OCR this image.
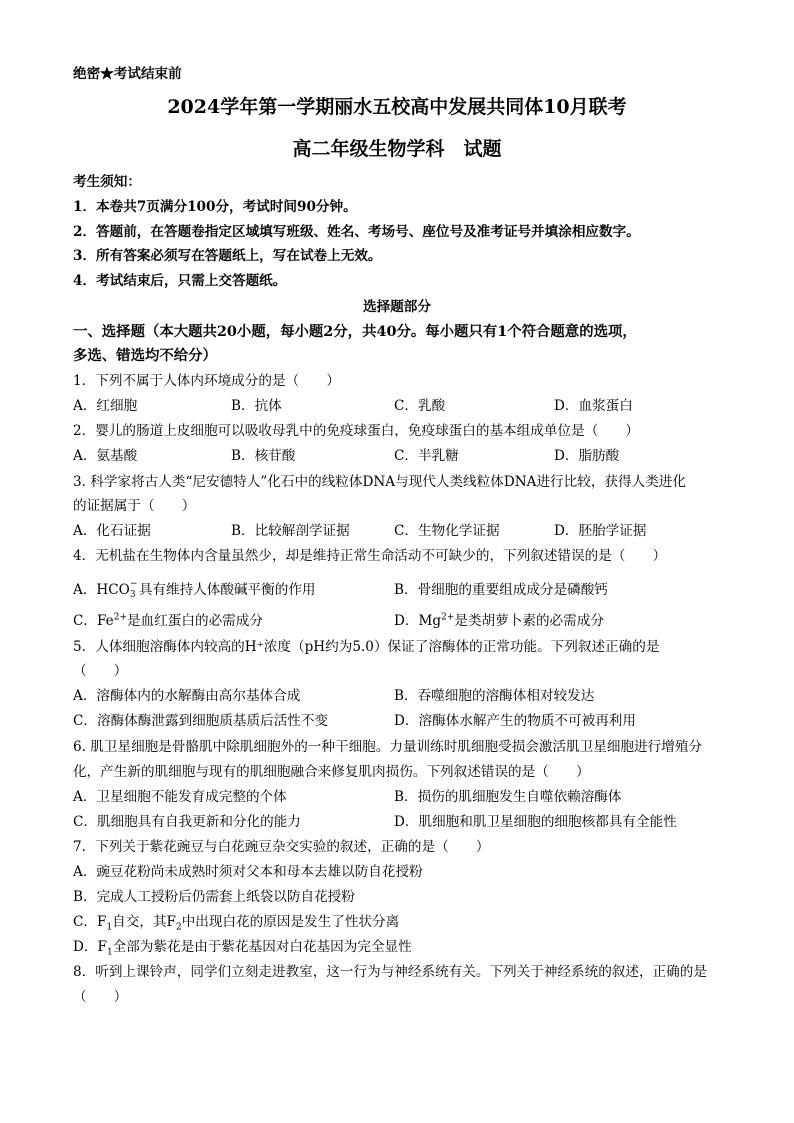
绝密★考试结束前
2024学年第一学期丽水五校高中发展共同体10月联考
高二年级生物学科　试题
考生须知：
1．本卷共7页满分100分，考试时间90分钟。
2．答题前，在答题卷指定区域填写班级、姓名、考场号、座位号及准考证号并填涂相应数字。
3．所有答案必须写在答题纸上，写在试卷上无效。
4．考试结束后，只需上交答题纸。
选择题部分
一、选择题（本大题共20小题，每小题2分，共40分。每小题只有1个符合题意的选项，
多选、错选均不给分）
1．下列不属于人体内环境成分的是（　　）
A．红细胞	B．抗体	C．乳酸	D．血浆蛋白
2．婴儿的肠道上皮细胞可以吸收母乳中的免疫球蛋白，免疫球蛋白的基本组成单位是（　　）
A．氨基酸	B．核苷酸	C．半乳糖	D．脂肪酸
3. 科学家将古人类“尼安德特人”化石中的线粒体DNA与现代人类线粒体DNA进行比较，获得人类进化
的证据属于（　　）
A．化石证据	B．比较解剖学证据	C．生物化学证据	D．胚胎学证据
4．无机盐在生物体内含量虽然少，却是维持正常生命活动不可缺少的，下列叙述错误的是（　　）
A．HCO −
3 具有维持人体酸碱平衡的作用	B．骨细胞的重要组成成分是磷酸钙
C．$Fe^{2+}$是血红蛋白的必需成分	D．$Mg^{2+}$是类胡萝卜素的必需成分
5．人体细胞溶酶体内较高的H⁺浓度（pH约为5.0）保证了溶酶体的正常功能。下列叙述正确的是
（　　）
A．溶酶体内的水解酶由高尔基体合成	B．吞噬细胞的溶酶体相对较发达
C．溶酶体酶泄露到细胞质基质后活性不变	D．溶酶体水解产生的物质不可被再利用
6. 肌卫星细胞是骨骼肌中除肌细胞外的一种干细胞。力量训练时肌细胞受损会激活肌卫星细胞进行增殖分
化，产生新的肌细胞与现有的肌细胞融合来修复肌肉损伤。下列叙述错误的是（　　）
A．卫星细胞不能发育成完整的个体	B．损伤的肌细胞发生自噬依赖溶酶体
C．肌细胞具有自我更新和分化的能力	D．肌细胞和肌卫星细胞的细胞核都具有全能性
7．下列关于紫花豌豆与白花豌豆杂交实验的叙述，正确的是（　　）
A．豌豆花粉尚未成熟时须对父本和母本去雄以防自花授粉
B．完成人工授粉后仍需套上纸袋以防自花授粉
C．$F_1$自交，其$F_2$中出现白花的原因是发生了性状分离
D．$F_1$全部为紫花是由于紫花基因对白花基因为完全显性
8．听到上课铃声，同学们立刻走进教室，这一行为与神经系统有关。下列关于神经系统的叙述，正确的是
（　　）
